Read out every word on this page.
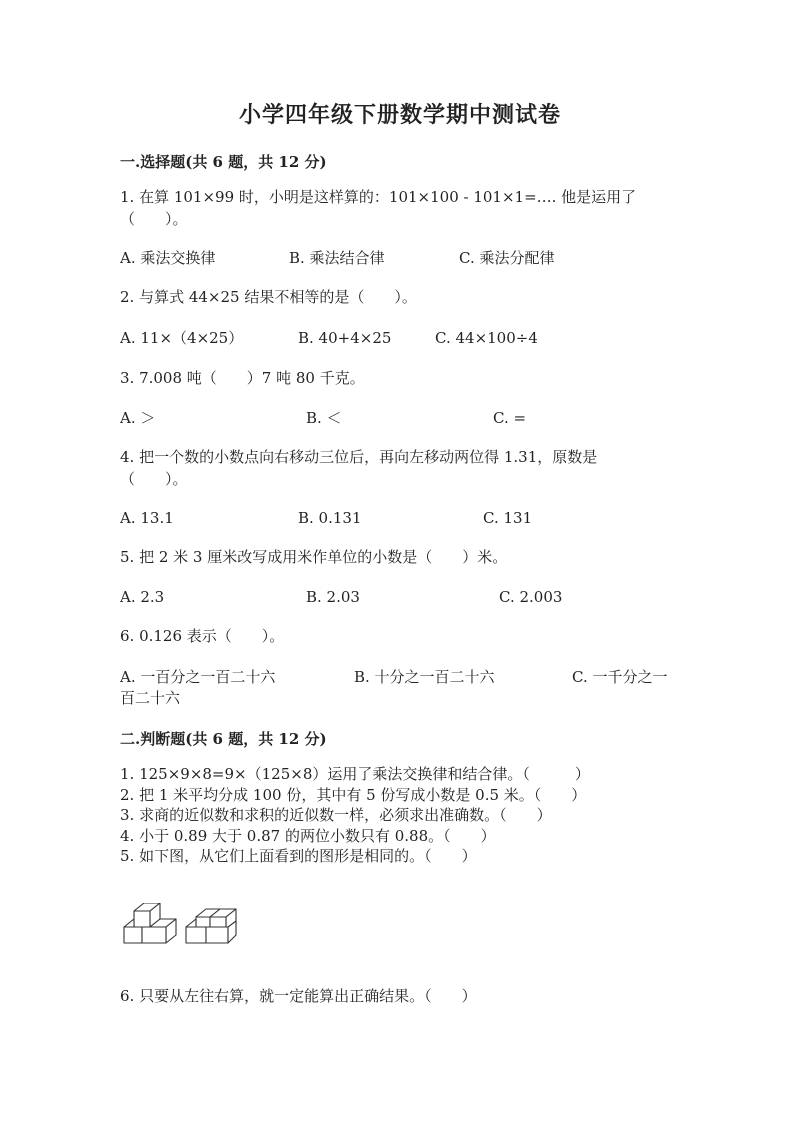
小学四年级下册数学期中测试卷
一.选择题(共 6 题，共 12 分)
1. 在算 101×99 时，小明是这样算的：101×100 - 101×1=…. 他是运用了
（　　）。
A. 乘法交换律	B. 乘法结合律	C. 乘法分配律
2. 与算式 44×25 结果不相等的是（　　）。
A. 11×（4×25）	B. 40+4×25	C. 44×100÷4
3. 7.008 吨（　　）7 吨 80 千克。
A. ＞	B. ＜	C. =
4. 把一个数的小数点向右移动三位后，再向左移动两位得 1.31，原数是
（　　）。
A. 13.1	B. 0.131	C. 131
5. 把 2 米 3 厘米改写成用米作单位的小数是（　　）米。
A. 2.3	B. 2.03	C. 2.003
6. 0.126 表示（　　）。
A. 一百分之一百二十六	B. 十分之一百二十六	C. 一千分之一
百二十六
二.判断题(共 6 题，共 12 分)
1. 125×9×8=9×（125×8）运用了乘法交换律和结合律。（　　　）
2. 把 1 米平均分成 100 份，其中有 5 份写成小数是 0.5 米。（　　）
3. 求商的近似数和求积的近似数一样，必须求出准确数。（　　）
4. 小于 0.89 大于 0.87 的两位小数只有 0.88。（　　）
5. 如下图，从它们上面看到的图形是相同的。（　　）
6. 只要从左往右算，就一定能算出正确结果。（　　）
